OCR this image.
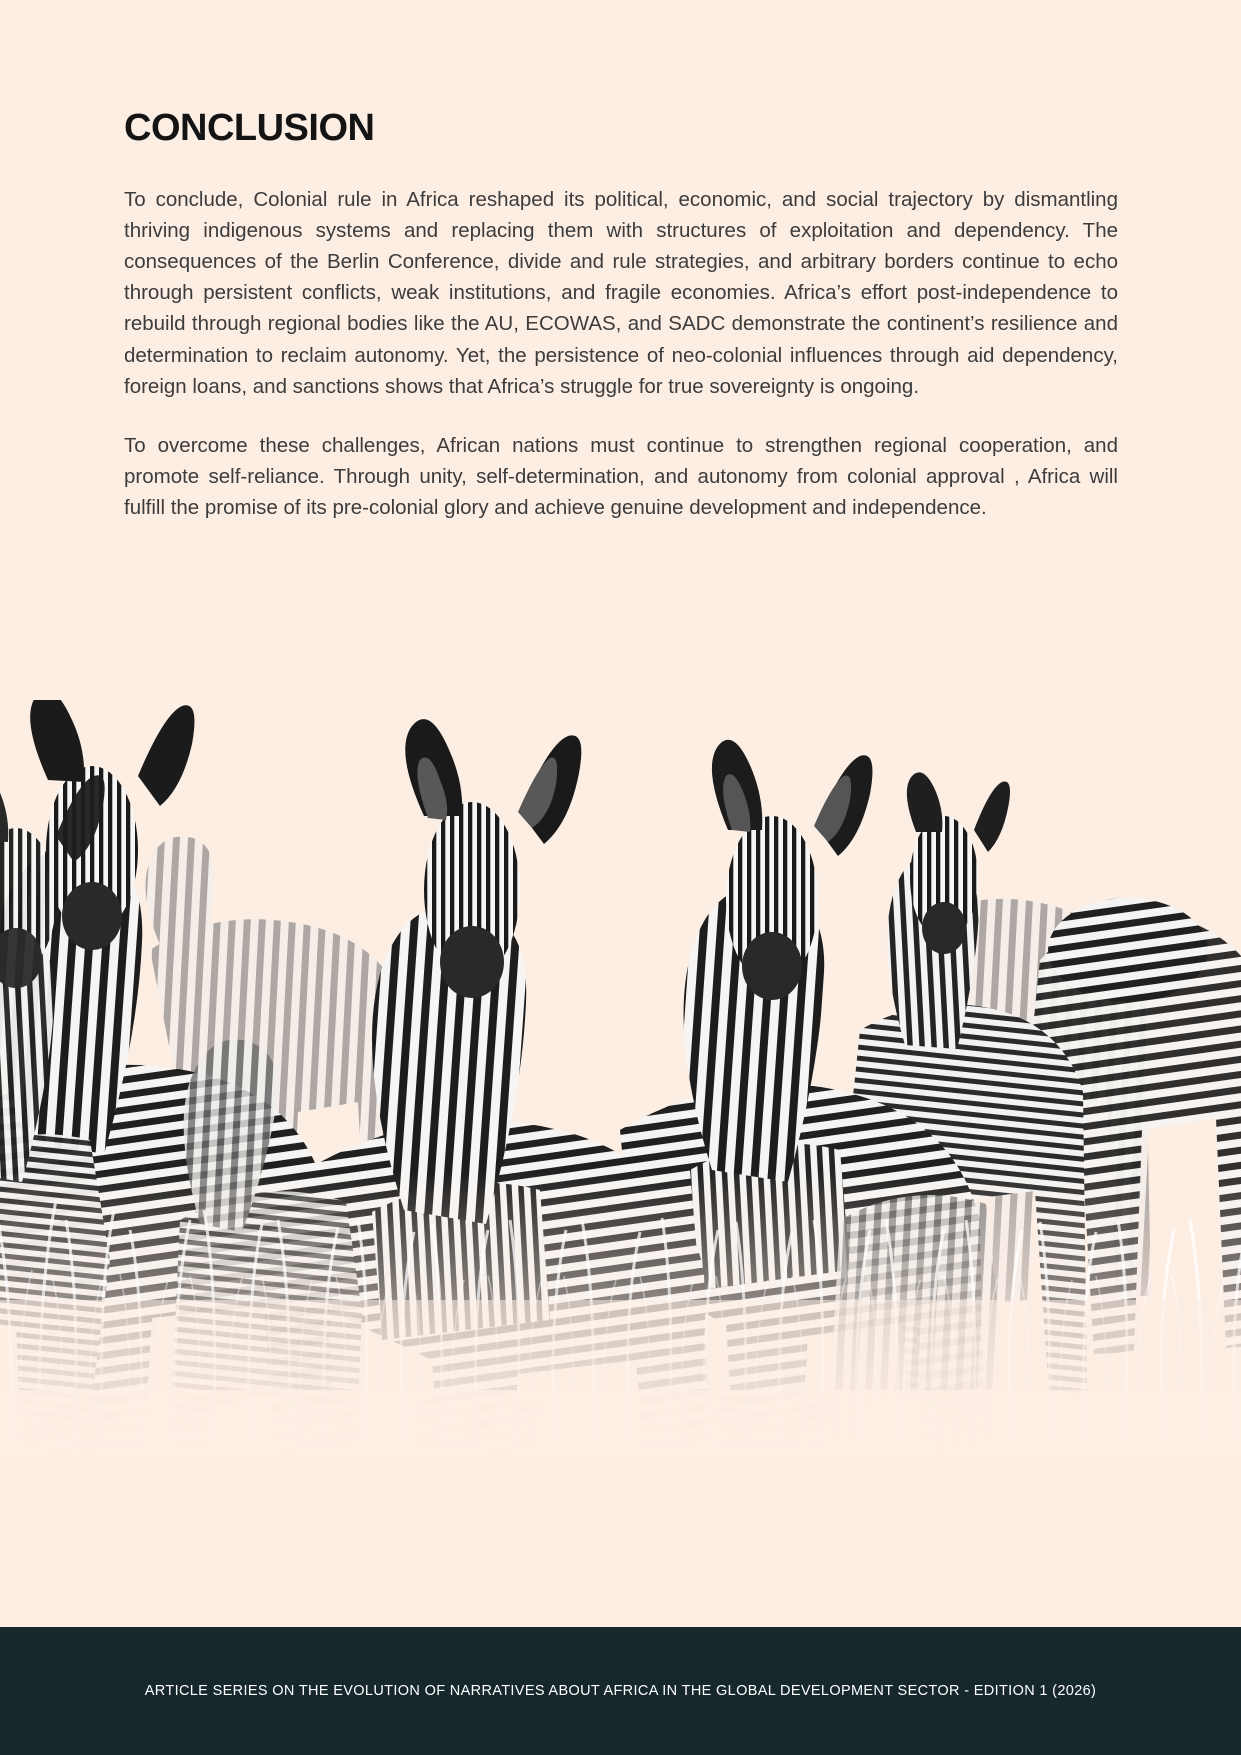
CONCLUSION

To conclude, Colonial rule in Africa reshaped its political, economic, and social trajectory by dismantling thriving indigenous systems and replacing them with structures of exploitation and dependency. The consequences of the Berlin Conference, divide and rule strategies, and arbitrary borders continue to echo through persistent conflicts, weak institutions, and fragile economies. Africa’s effort post-independence to rebuild through regional bodies like the AU, ECOWAS, and SADC demonstrate the continent’s resilience and determination to reclaim autonomy. Yet, the persistence of neo-colonial influences through aid dependency, foreign loans, and sanctions shows that Africa’s struggle for true sovereignty is ongoing.

To overcome these challenges, African nations must continue to strengthen regional cooperation, and promote self-reliance. Through unity, self-determination, and autonomy from colonial approval , Africa will fulfill the promise of its pre-colonial glory and achieve genuine development and independence.

ARTICLE SERIES ON THE EVOLUTION OF NARRATIVES ABOUT AFRICA IN THE GLOBAL DEVELOPMENT SECTOR - EDITION 1 (2026)
